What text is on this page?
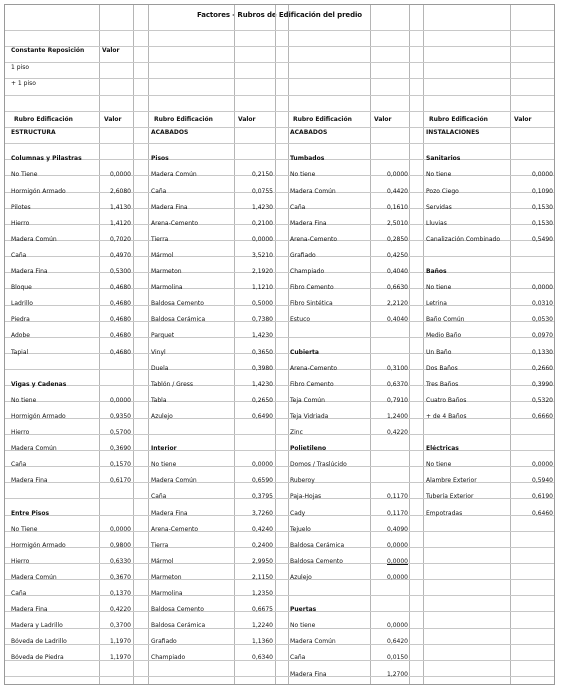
Factores - Rubros de Edificación del predio
Constante Reposición	Valor
1 piso
+ 1 piso
Rubro Edificación	Valor
ESTRUCTURA
Columnas y Pilastras
No Tiene	0,0000
Hormigón Armado	2,6080
Pilotes	1,4130
Hierro	1,4120
Madera Común	0,7020
Caña	0,4970
Madera Fina	0,5300
Bloque	0,4680
Ladrillo	0,4680
Piedra	0,4680
Adobe	0,4680
Tapial	0,4680
Vigas y Cadenas
No tiene	0,0000
Hormigón Armado	0,9350
Hierro	0,5700
Madera Común	0,3690
Caña	0,1570
Madera Fina	0,6170
Entre Pisos
No Tiene	0,0000
Hormigón Armado	0,9800
Hierro	0,6330
Madera Común	0,3670
Caña	0,1370
Madera Fina	0,4220
Madera y Ladrillo	0,3700
Bóveda de Ladrillo	1,1970
Bóveda de Piedra	1,1970
Rubro Edificación	Valor
ACABADOS
Pisos
Madera Común	0,2150
Caña	0,0755
Madera Fina	1,4230
Arena-Cemento	0,2100
Tierra	0,0000
Mármol	3,5210
Marmeton	2,1920
Marmolina	1,1210
Baldosa Cemento	0,5000
Baldosa Cerámica	0,7380
Parquet	1,4230
Vinyl	0,3650
Duela	0,3980
Tablón / Gress	1,4230
Tabla	0,2650
Azulejo	0,6490
Interior
No tiene	0,0000
Madera Común	0,6590
Caña	0,3795
Madera Fina	3,7260
Arena-Cemento	0,4240
Tierra	0,2400
Mármol	2,9950
Marmeton	2,1150
Marmolina	1,2350
Baldosa Cemento	0,6675
Baldosa Cerámica	1,2240
Grafiado	1,1360
Champiado	0,6340
Rubro Edificación	Valor
ACABADOS
Tumbados
No tiene	0,0000
Madera Común	0,4420
Caña	0,1610
Madera Fina	2,5010
Arena-Cemento	0,2850
Grafiado	0,4250
Champiado	0,4040
Fibro Cemento	0,6630
Fibro Sintética	2,2120
Estuco	0,4040
Cubierta
Arena-Cemento	0,3100
Fibro Cemento	0,6370
Teja Común	0,7910
Teja Vidriada	1,2400
Zinc	0,4220
Polietileno
Domos / Traslúcido
Ruberoy
Paja-Hojas	0,1170
Cady	0,1170
Tejuelo	0,4090
Baldosa Cerámica	0,0000
Baldosa Cemento	0,0000
Azulejo	0,0000
Puertas
No tiene	0,0000
Madera Común	0,6420
Caña	0,0150
Madera Fina	1,2700
Rubro Edificación	Valor
INSTALACIONES
Sanitarios
No tiene	0,0000
Pozo Ciego	0,1090
Servidas	0,1530
Lluvias	0,1530
Canalización Combinado	0,5490
Baños
No tiene	0,0000
Letrina	0,0310
Baño Común	0,0530
Medio Baño	0,0970
Un Baño	0,1330
Dos Baños	0,2660
Tres Baños	0,3990
Cuatro Baños	0,5320
+ de 4 Baños	0,6660
Eléctricas
No tiene	0,0000
Alambre Exterior	0,5940
Tubería Exterior	0,6190
Empotradas	0,6460
